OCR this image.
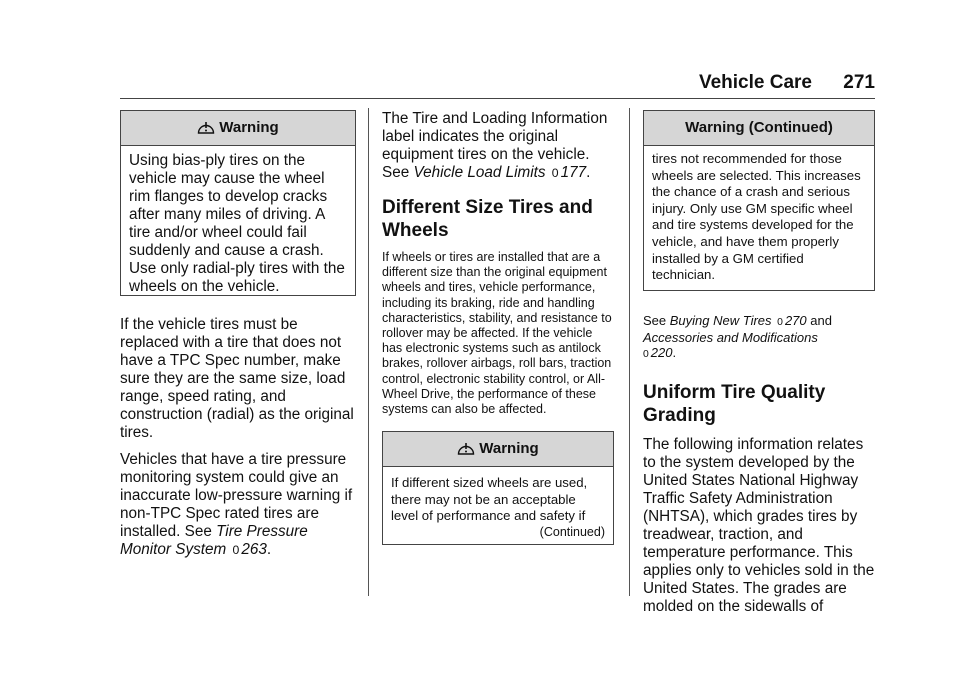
Vehicle Care 271
Warning

Using bias-ply tires on the vehicle may cause the wheel rim flanges to develop cracks after many miles of driving. A tire and/or wheel could fail suddenly and cause a crash. Use only radial-ply tires with the wheels on the vehicle.

If the vehicle tires must be replaced with a tire that does not have a TPC Spec number, make sure they are the same size, load range, speed rating, and construction (radial) as the original tires.

Vehicles that have a tire pressure monitoring system could give an inaccurate low-pressure warning if non-TPC Spec rated tires are installed. See Tire Pressure Monitor System 0 263.

The Tire and Loading Information label indicates the original equipment tires on the vehicle. See Vehicle Load Limits 0 177.

Different Size Tires and Wheels

If wheels or tires are installed that are a different size than the original equipment wheels and tires, vehicle performance, including its braking, ride and handling characteristics, stability, and resistance to rollover may be affected. If the vehicle has electronic systems such as antilock brakes, rollover airbags, roll bars, traction control, electronic stability control, or All-Wheel Drive, the performance of these systems can also be affected.

Warning

If different sized wheels are used, there may not be an acceptable level of performance and safety if

(Continued)
Warning (Continued)

tires not recommended for those wheels are selected. This increases the chance of a crash and serious injury. Only use GM specific wheel and tire systems developed for the vehicle, and have them properly installed by a GM certified technician.

See Buying New Tires 0 270 and Accessories and Modifications
0 220.

Uniform Tire Quality Grading

The following information relates to the system developed by the United States National Highway Traffic Safety Administration (NHTSA), which grades tires by treadwear, traction, and temperature performance. This applies only to vehicles sold in the United States. The grades are molded on the sidewalls of
